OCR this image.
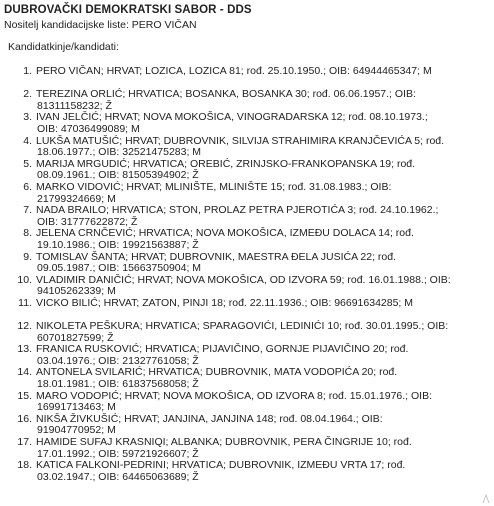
DUBROVAČKI DEMOKRATSKI SABOR - DDS
Nositelj kandidacijske liste: PERO VIČAN
Kandidatkinje/kandidati:
1. PERO VIČAN; HRVAT; LOZICA, LOZICA 81; rođ. 25.10.1950.; OIB: 64944465347; M
2. TEREZINA ORLIĆ; HRVATICA; BOSANKA, BOSANKA 30; rođ. 06.06.1957.; OIB:
81311158232; Ž
3. IVAN JELČIĆ; HRVAT; NOVA MOKOŠICA, VINOGRADARSKA 12; rođ. 08.10.1973.;
OIB: 47036499089; M
4. LUKŠA MATUŠIĆ; HRVAT; DUBROVNIK, SILVIJA STRAHIMIRA KRANJČEVIĆA 5; rođ.
18.06.1977.; OIB: 32521475283; M
5. MARIJA MRGUDIĆ; HRVATICA; OREBIĆ, ZRINJSKO-FRANKOPANSKA 19; rođ.
08.09.1961.; OIB: 81505394902; Ž
6. MARKO VIDOVIĆ; HRVAT; MLINIŠTE, MLINIŠTE 15; rođ. 31.08.1983.; OIB:
21799324669; M
7. NADA BRAILO; HRVATICA; STON, PROLAZ PETRA PJEROTIĆA 3; rođ. 24.10.1962.;
OIB: 31777622872; Ž
8. JELENA CRNČEVIĆ; HRVATICA; NOVA MOKOŠICA, IZMEĐU DOLACA 14; rođ.
19.10.1986.; OIB: 19921563887; Ž
9. TOMISLAV ŠANTA; HRVAT; DUBROVNIK, MAESTRA ĐELA JUSIĆA 22; rođ.
09.05.1987.; OIB: 15663750904; M
10. VLADIMIR DANIČIĆ; HRVAT; NOVA MOKOŠICA, OD IZVORA 59; rođ. 16.01.1988.; OIB:
94105262339; M
11. VICKO BILIĆ; HRVAT; ZATON, PINJI 18; rođ. 22.11.1936.; OIB: 96691634285; M
12. NIKOLETA PEŠKURA; HRVATICA; SPARAGOVIĆI, LEDINIĆI 10; rođ. 30.01.1995.; OIB:
60701827599; Ž
13. FRANICA RUSKOVIĆ; HRVATICA; PIJAVIČINO, GORNJE PIJAVIČINO 20; rođ.
03.04.1976.; OIB: 21327761058; Ž
14. ANTONELA SVILARIĆ; HRVATICA; DUBROVNIK, MATA VODOPIĆA 20; rođ.
18.01.1981.; OIB: 61837568058; Ž
15. MARO VODOPIĆ; HRVAT; NOVA MOKOŠICA, OD IZVORA 8; rođ. 15.01.1976.; OIB:
16991713463; M
16. NIKŠA ŽIVKUŠIĆ; HRVAT; JANJINA, JANJINA 148; rođ. 08.04.1964.; OIB:
91904770952; M
17. HAMIDE SUFAJ KRASNIQI; ALBANKA; DUBROVNIK, PERA ČINGRIJE 10; rođ.
17.01.1992.; OIB: 59721926607; Ž
18. KATICA FALKONI-PEDRINI; HRVATICA; DUBROVNIK, IZMEĐU VRTA 17; rođ.
03.02.1947.; OIB: 64465063689; Ž
